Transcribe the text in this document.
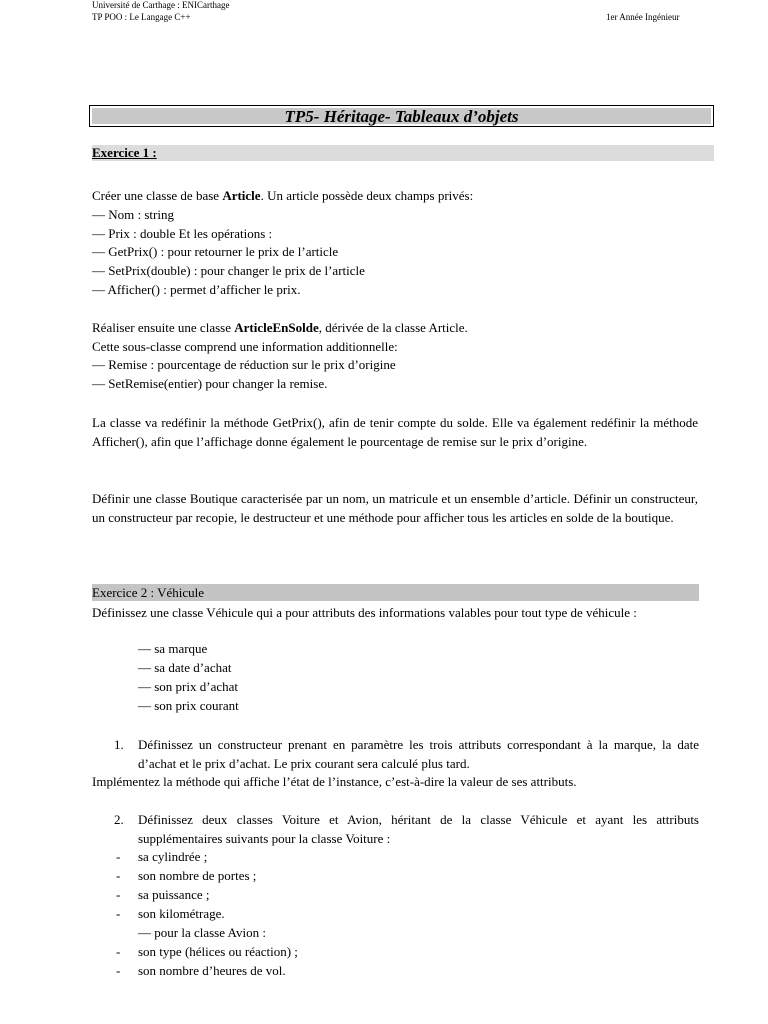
Université de Carthage : ENICarthage
TP POO : Le Langage C++	1er Année Ingénieur
TP5- Héritage- Tableaux d’objets
Exercice 1 :
Créer une classe de base Article. Un article possède deux champs privés:
— Nom : string
— Prix : double Et les opérations :
— GetPrix() : pour retourner le prix de l’article
— SetPrix(double) : pour changer le prix de l’article
— Afficher() : permet d’afficher le prix.
Réaliser ensuite une classe ArticleEnSolde, dérivée de la classe Article.
Cette sous-classe comprend une information additionnelle:
— Remise : pourcentage de réduction sur le prix d’origine
— SetRemise(entier) pour changer la remise.
La classe va redéfinir la méthode GetPrix(), afin de tenir compte du solde. Elle va également redéfinir la méthode Afficher(), afin que l’affichage donne également le pourcentage de remise sur le prix d’origine.
Définir une classe Boutique caracterisée par un nom, un matricule et un ensemble d’article. Définir un constructeur, un constructeur par recopie, le destructeur et une méthode pour afficher tous les articles en solde de la boutique.
Exercice 2 : Véhicule
Définissez une classe Véhicule qui a pour attributs des informations valables pour tout type de véhicule :
— sa marque
— sa date d’achat
— son prix d’achat
— son prix courant
1. Définissez un constructeur prenant en paramètre les trois attributs correspondant à la marque, la date d’achat et le prix d’achat. Le prix courant sera calculé plus tard.
Implémentez la méthode qui affiche l’état de l’instance, c’est-à-dire la valeur de ses attributs.
2. Définissez deux classes Voiture et Avion, héritant de la classe Véhicule et ayant les attributs supplémentaires suivants pour la classe Voiture :
- sa cylindrée ;
- son nombre de portes ;
- sa puissance ;
- son kilométrage.
— pour la classe Avion :
- son type (hélices ou réaction) ;
- son nombre d’heures de vol.
